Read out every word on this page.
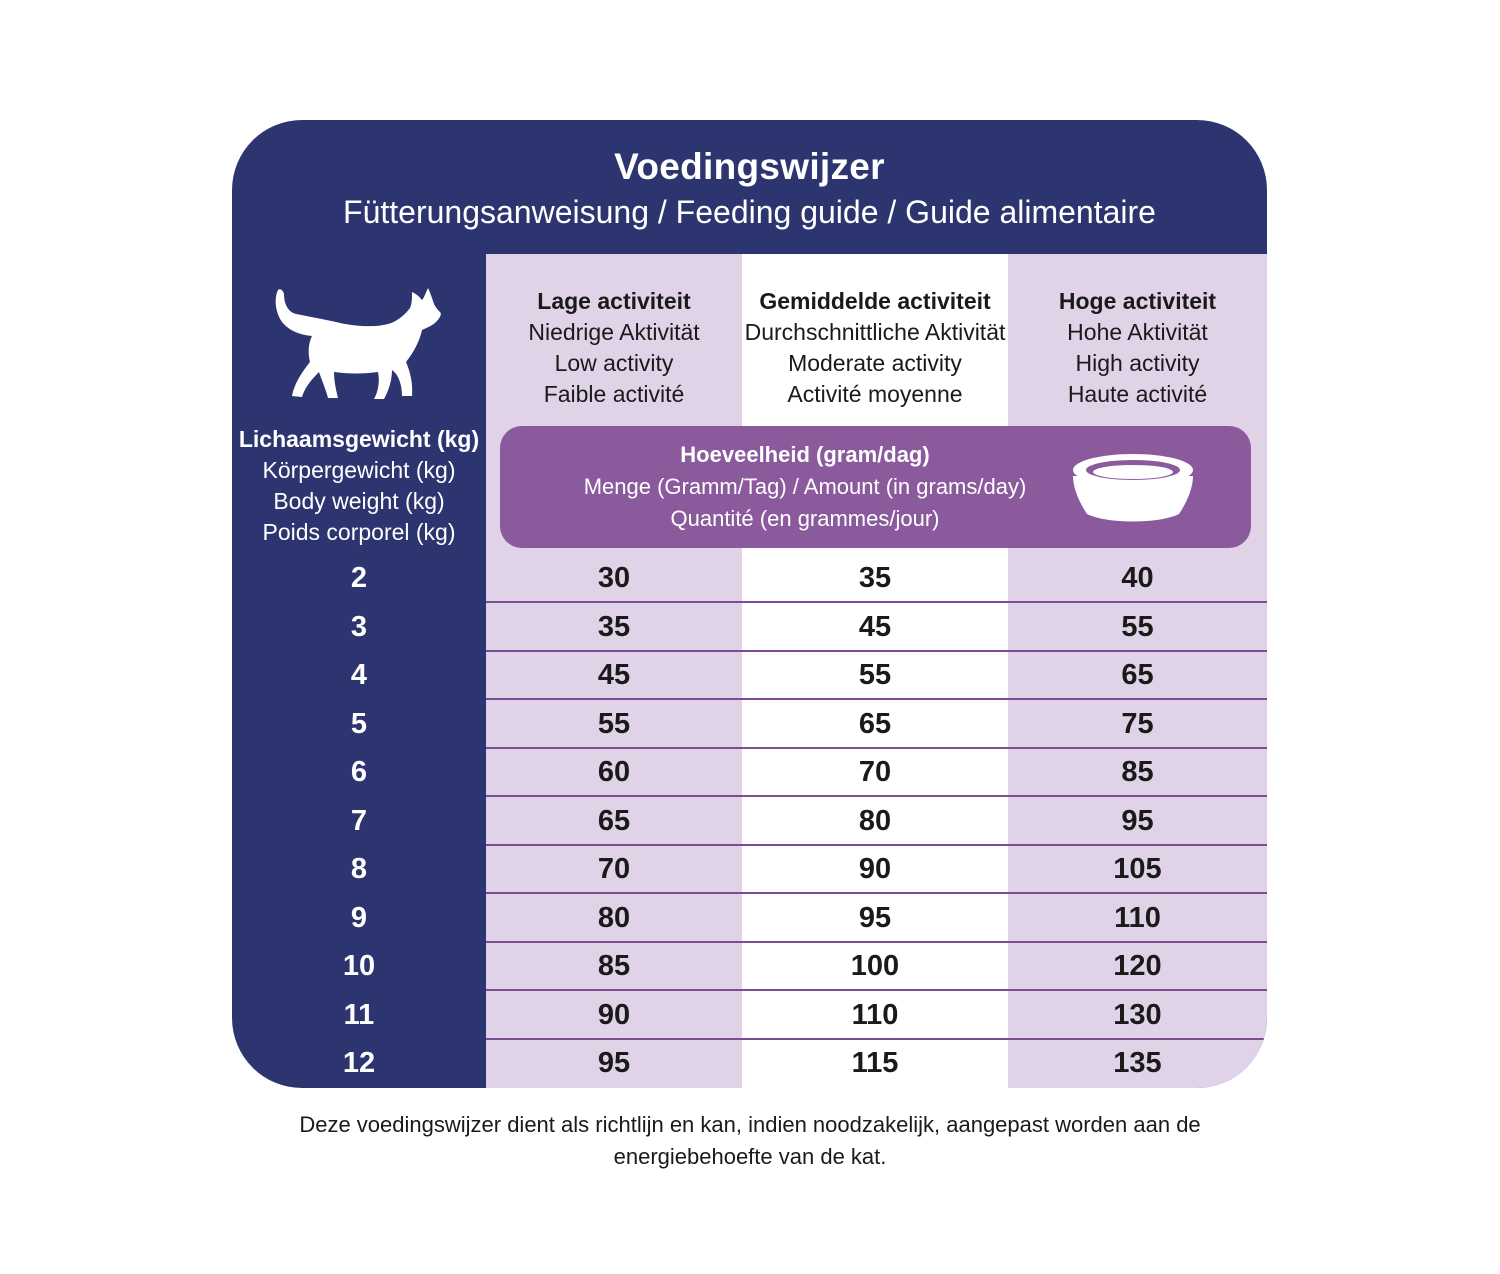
Voedingswijzer
Fütterungsanweisung / Feeding guide / Guide alimentaire
Lichaamsgewicht (kg)
Körpergewicht (kg)
Body weight (kg)
Poids corporel (kg)
Lage activiteit
Niedrige Aktivität
Low activity
Faible activité
Gemiddelde activiteit
Durchschnittliche Aktivität
Moderate activity
Activité moyenne
Hoge activiteit
Hohe Aktivität
High activity
Haute activité
Hoeveelheid (gram/dag)
Menge (Gramm/Tag) / Amount (in grams/day)
Quantité (en grammes/jour)
2	30	35	40
3	35	45	55
4	45	55	65
5	55	65	75
6	60	70	85
7	65	80	95
8	70	90	105
9	80	95	110
10	85	100	120
11	90	110	130
12	95	115	135
Deze voedingswijzer dient als richtlijn en kan, indien noodzakelijk, aangepast worden aan de
energiebehoefte van de kat.
